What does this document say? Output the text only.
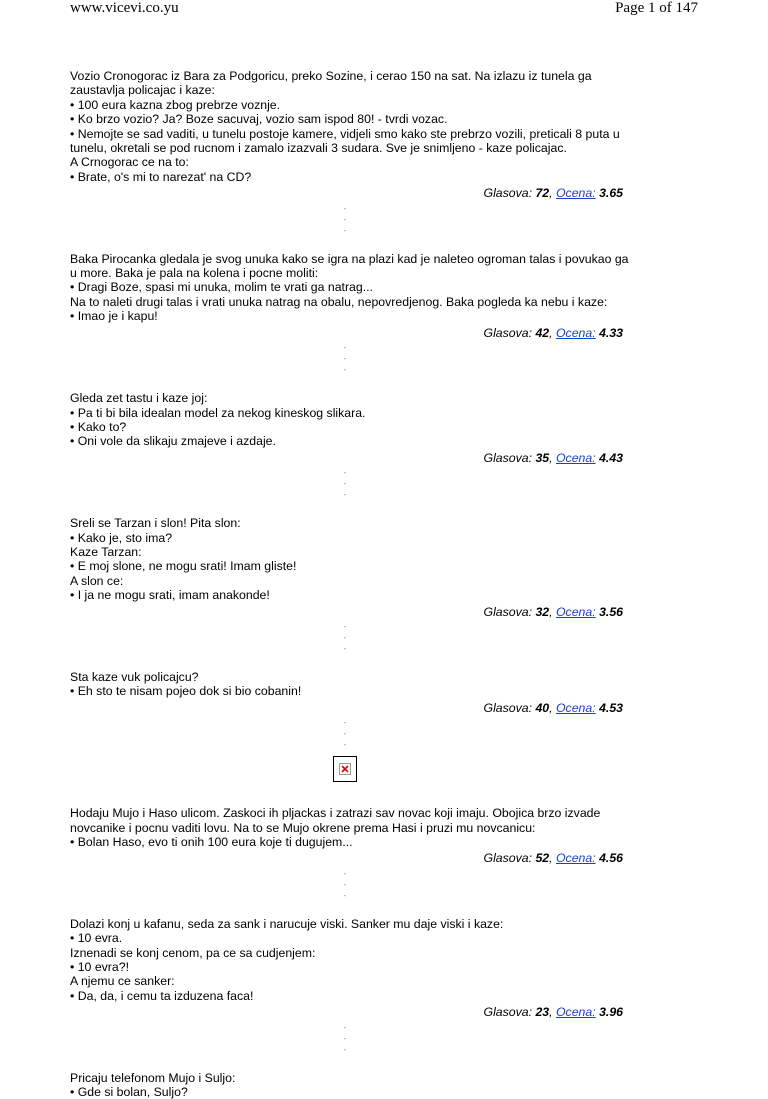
www.vicevi.co.yu	Page 1 of 147

Vozio Cronogorac iz Bara za Podgoricu, preko Sozine, i cerao 150 na sat. Na izlazu iz tunela ga zaustavlja policajac i kaze:

• 100 eura kazna zbog prebrze voznje.

• Ko brzo vozio? Ja? Boze sacuvaj, vozio sam ispod 80! - tvrdi vozac.

• Nemojte se sad vaditi, u tunelu postoje kamere, vidjeli smo kako ste prebrzo vozili, preticali 8 puta u tunelu, okretali se pod rucnom i zamalo izazvali 3 sudara. Sve je snimljeno - kaze policajac.

A Crnogorac ce na to:

• Brate, o's mi to narezat' na CD?

Glasova: 72, Ocena: 3.65
-
-
-

Baka Pirocanka gledala je svog unuka kako se igra na plazi kad je naleteo ogroman talas i povukao ga u more. Baka je pala na kolena i pocne moliti:

• Dragi Boze, spasi mi unuka, molim te vrati ga natrag...

Na to naleti drugi talas i vrati unuka natrag na obalu, nepovredjenog. Baka pogleda ka nebu i kaze:

• Imao je i kapu!

Glasova: 42, Ocena: 4.33
-
-
-

Gleda zet tastu i kaze joj:

• Pa ti bi bila idealan model za nekog kineskog slikara.

• Kako to?

• Oni vole da slikaju zmajeve i azdaje.

Glasova: 35, Ocena: 4.43
-
-
-

Sreli se Tarzan i slon! Pita slon:

• Kako je, sto ima?

Kaze Tarzan:

• E moj slone, ne mogu srati! Imam gliste!

A slon ce:

• I ja ne mogu srati, imam anakonde!

Glasova: 32, Ocena: 3.56
-
-
-

Sta kaze vuk policajcu?

• Eh sto te nisam pojeo dok si bio cobanin!

Glasova: 40, Ocena: 4.53
-
-
-

Hodaju Mujo i Haso ulicom. Zaskoci ih pljackas i zatrazi sav novac koji imaju. Obojica brzo izvade novcanike i pocnu vaditi lovu. Na to se Mujo okrene prema Hasi i pruzi mu novcanicu:

• Bolan Haso, evo ti onih 100 eura koje ti dugujem...

Glasova: 52, Ocena: 4.56
-
-
-

Dolazi konj u kafanu, seda za sank i narucuje viski. Sanker mu daje viski i kaze:

• 10 evra.

Iznenadi se konj cenom, pa ce sa cudjenjem:

• 10 evra?!

A njemu ce sanker:

• Da, da, i cemu ta izduzena faca!

Glasova: 23, Ocena: 3.96
-
-
-

Pricaju telefonom Mujo i Suljo:

• Gde si bolan, Suljo?
